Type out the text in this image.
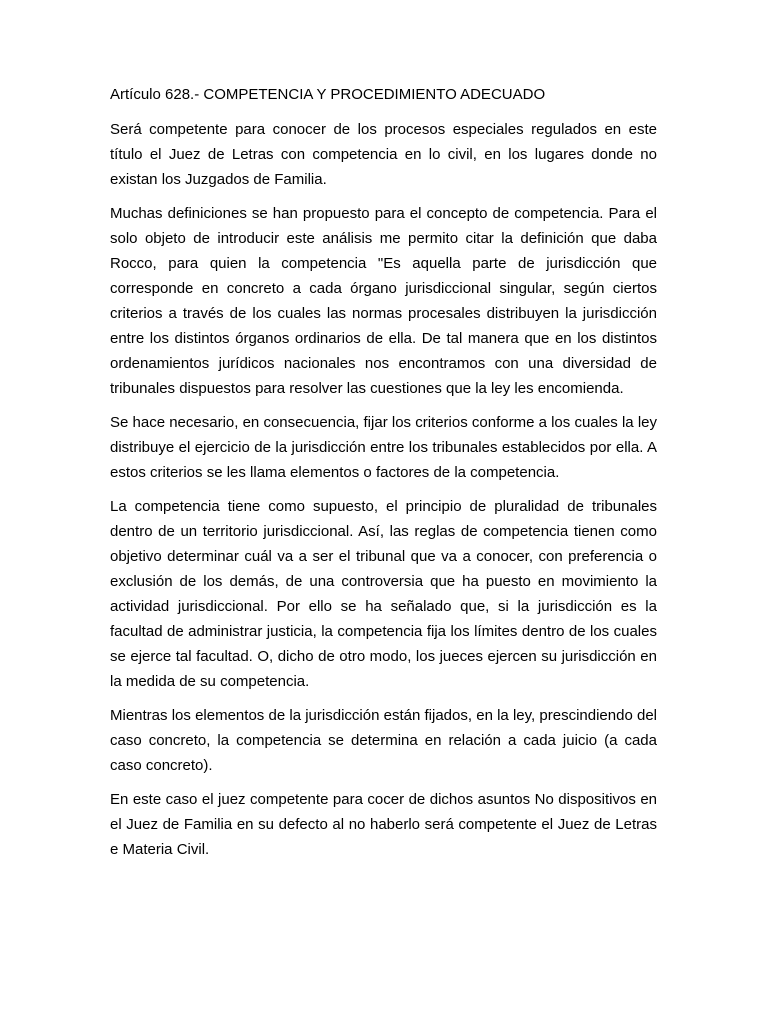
Artículo 628.- COMPETENCIA Y PROCEDIMIENTO ADECUADO

Será competente para conocer de los procesos especiales regulados en este título el Juez de Letras con competencia en lo civil, en los lugares donde no existan los Juzgados de Familia.

Muchas definiciones se han propuesto para el concepto de competencia. Para el solo objeto de introducir este análisis me permito citar la definición que daba Rocco, para quien la competencia "Es aquella parte de jurisdicción que corresponde en concreto a cada órgano jurisdiccional singular, según ciertos criterios a través de los cuales las normas procesales distribuyen la jurisdicción entre los distintos órganos ordinarios de ella. De tal manera que en los distintos ordenamientos jurídicos nacionales nos encontramos con una diversidad de tribunales dispuestos para resolver las cuestiones que la ley les encomienda.

Se hace necesario, en consecuencia, fijar los criterios conforme a los cuales la ley distribuye el ejercicio de la jurisdicción entre los tribunales establecidos por ella. A estos criterios se les llama elementos o factores de la competencia.

La competencia tiene como supuesto, el principio de pluralidad de tribunales dentro de un territorio jurisdiccional. Así, las reglas de competencia tienen como objetivo determinar cuál va a ser el tribunal que va a conocer, con preferencia o exclusión de los demás, de una controversia que ha puesto en movimiento la actividad jurisdiccional. Por ello se ha señalado que, si la jurisdicción es la facultad de administrar justicia, la competencia fija los límites dentro de los cuales se ejerce tal facultad. O, dicho de otro modo, los jueces ejercen su jurisdicción en la medida de su competencia.

Mientras los elementos de la jurisdicción están fijados, en la ley, prescindiendo del caso concreto, la competencia se determina en relación a cada juicio (a cada caso concreto).

En este caso el juez competente para cocer de dichos asuntos No dispositivos en el Juez de Familia en su defecto al no haberlo será competente el Juez de Letras e Materia Civil.
